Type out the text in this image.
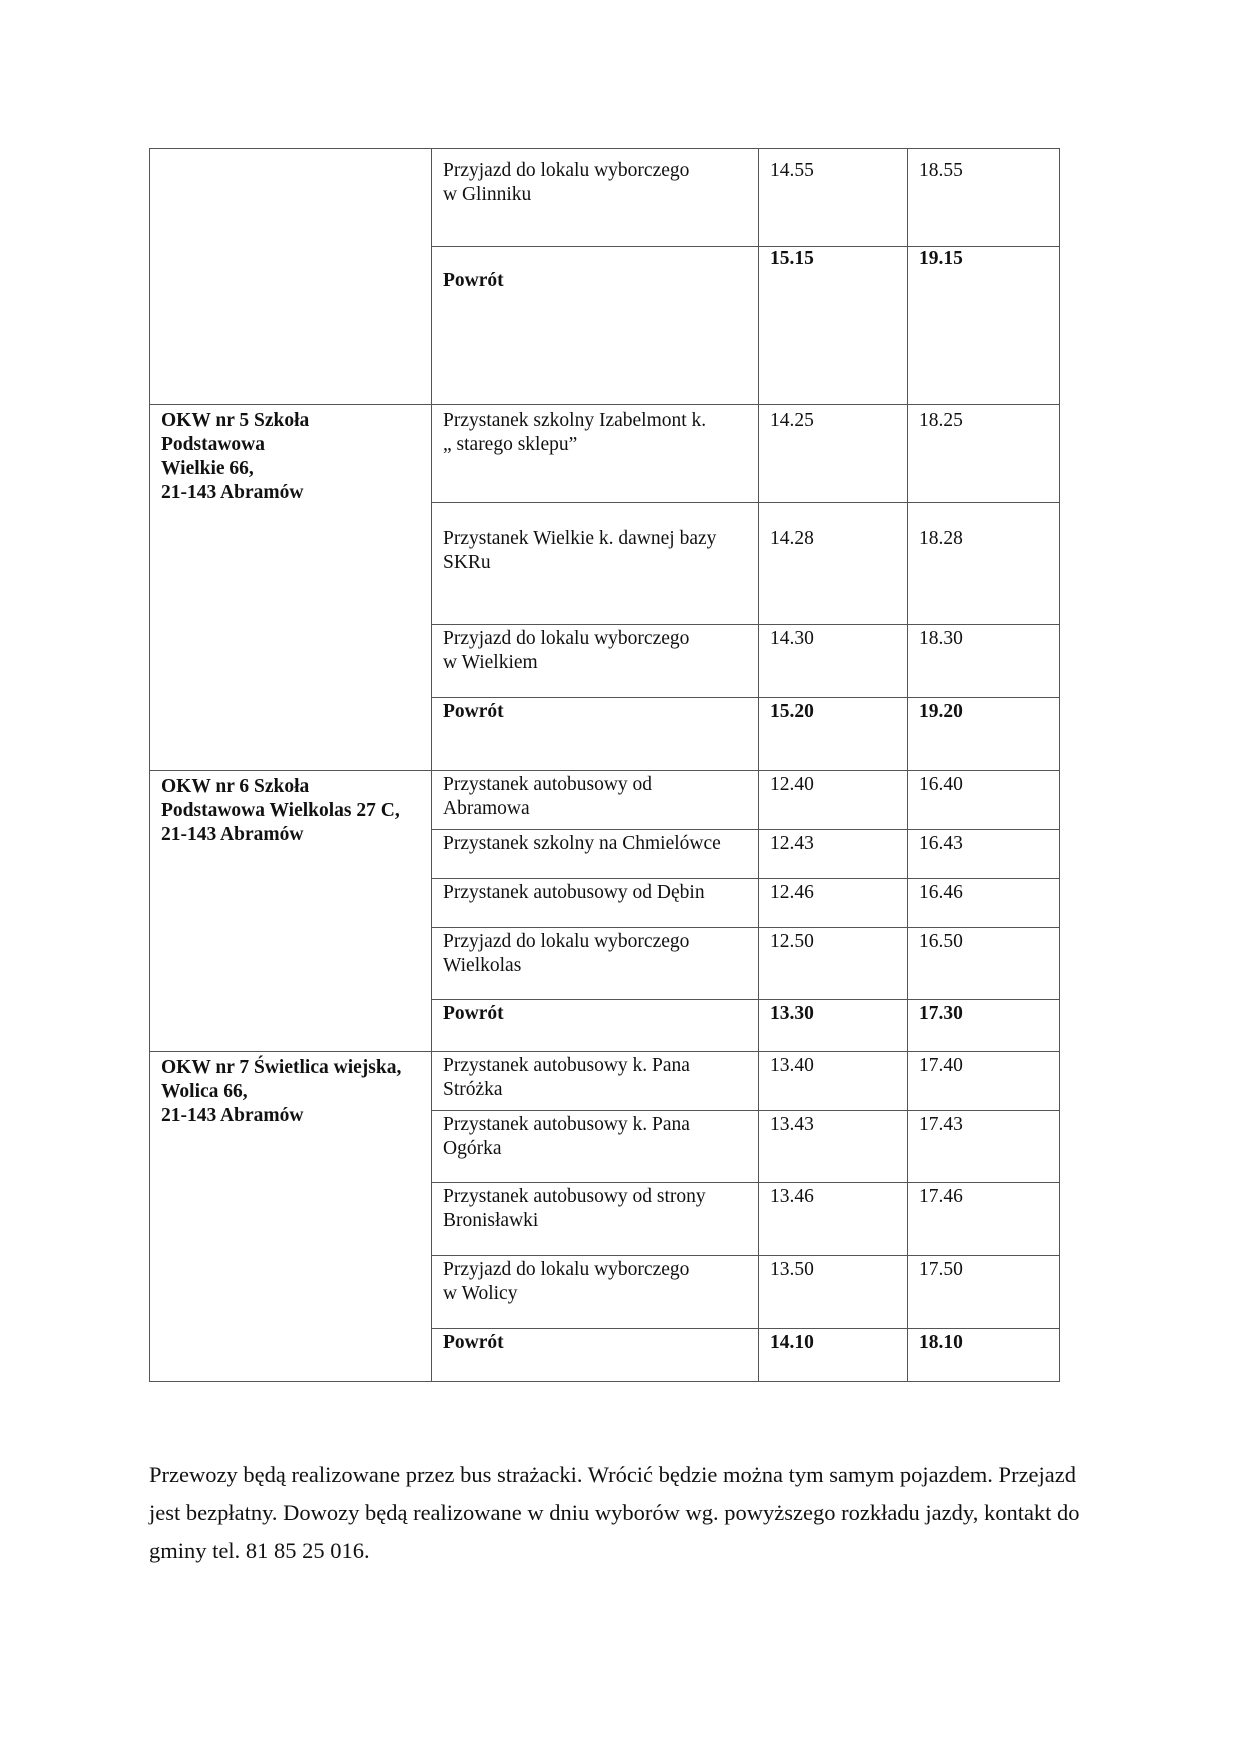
	Przyjazd do lokalu wyborczego
w Glinniku	14.55	18.55

	Powrót	15.15	19.15

OKW nr 5 Szkoła
Podstawowa
Wielkie 66,
21-143 Abramów	Przystanek szkolny Izabelmont k.
„ starego sklepu”	14.25	18.25

	Przystanek Wielkie k. dawnej bazy
SKRu	14.28	18.28

	Przyjazd do lokalu wyborczego
w Wielkiem	14.30	18.30

	Powrót	15.20	19.20

OKW nr 6 Szkoła
Podstawowa Wielkolas 27 C,
21-143 Abramów	Przystanek autobusowy od
Abramowa	12.40	16.40

	Przystanek szkolny na Chmielówce	12.43	16.43

	Przystanek autobusowy od Dębin	12.46	16.46

	Przyjazd do lokalu wyborczego
Wielkolas	12.50	16.50

	Powrót	13.30	17.30

OKW nr 7 Świetlica wiejska,
Wolica 66,
21-143 Abramów	Przystanek autobusowy k. Pana
Stróżka	13.40	17.40

	Przystanek autobusowy k. Pana
Ogórka	13.43	17.43

	Przystanek autobusowy od strony
Bronisławki	13.46	17.46

	Przyjazd do lokalu wyborczego
w Wolicy	13.50	17.50

	Powrót	14.10	18.10

Przewozy będą realizowane przez bus strażacki. Wrócić będzie można tym samym pojazdem. Przejazd jest bezpłatny. Dowozy będą realizowane w dniu wyborów wg. powyższego rozkładu jazdy, kontakt do gminy tel. 81 85 25 016.
